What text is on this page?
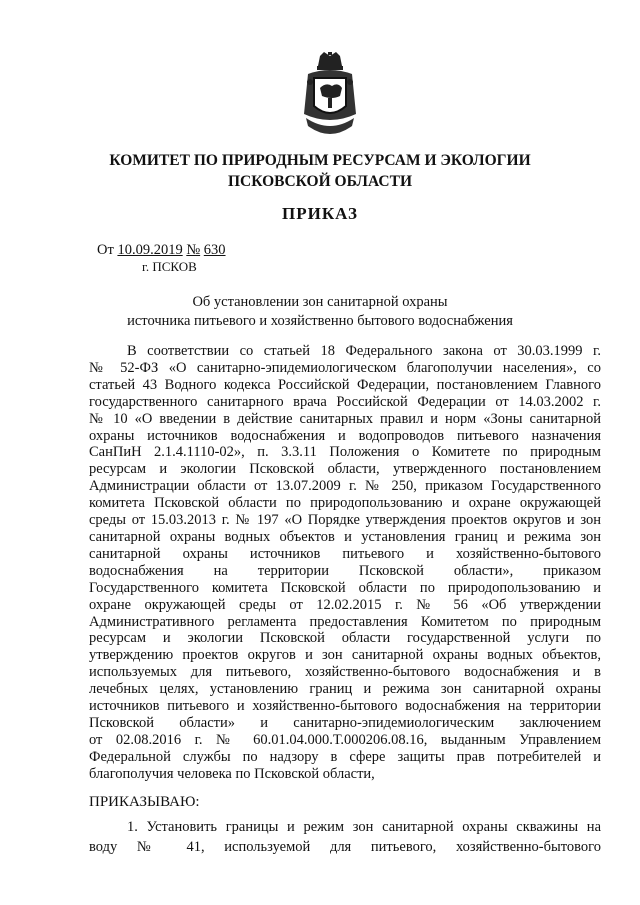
КОМИТЕТ ПО ПРИРОДНЫМ РЕСУРСАМ И ЭКОЛОГИИ
ПСКОВСКОЙ ОБЛАСТИ
ПРИКАЗ
От 10.09.2019 № 630
г. ПСКОВ
Об установлении зон санитарной охраны
источника питьевого и хозяйственно бытового водоснабжения
В соответствии со статьей 18 Федерального закона от 30.03.1999 г.
№ 52-ФЗ «О санитарно-эпидемиологическом благополучии населения», со
статьей 43 Водного кодекса Российской Федерации, постановлением Главного
государственного санитарного врача Российской Федерации от 14.03.2002 г.
№ 10 «О введении в действие санитарных правил и норм «Зоны санитарной
охраны источников водоснабжения и водопроводов питьевого назначения
СанПиН 2.1.4.1110-02», п. 3.3.11 Положения о Комитете по природным
ресурсам и экологии Псковской области, утвержденного постановлением
Администрации области от 13.07.2009 г. № 250, приказом Государственного
комитета Псковской области по природопользованию и охране окружающей
среды от 15.03.2013 г. № 197 «О Порядке утверждения проектов округов и зон
санитарной охраны водных объектов и установления границ и режима зон
санитарной охраны источников питьевого и хозяйственно-бытового
водоснабжения на территории Псковской области», приказом
Государственного комитета Псковской области по природопользованию и
охране окружающей среды от 12.02.2015 г. № 56 «Об утверждении
Административного регламента предоставления Комитетом по природным
ресурсам и экологии Псковской области государственной услуги по
утверждению проектов округов и зон санитарной охраны водных объектов,
используемых для питьевого, хозяйственно-бытового водоснабжения и в
лечебных целях, установлению границ и режима зон санитарной охраны
источников питьевого и хозяйственно-бытового водоснабжения на территории
Псковской области» и санитарно-эпидемиологическим заключением
от 02.08.2016 г. № 60.01.04.000.Т.000206.08.16, выданным Управлением
Федеральной службы по надзору в сфере защиты прав потребителей и
благополучия человека по Псковской области,
ПРИКАЗЫВАЮ:
1. Установить границы и режим зон санитарной охраны скважины на
воду № 41, используемой для питьевого, хозяйственно-бытового
